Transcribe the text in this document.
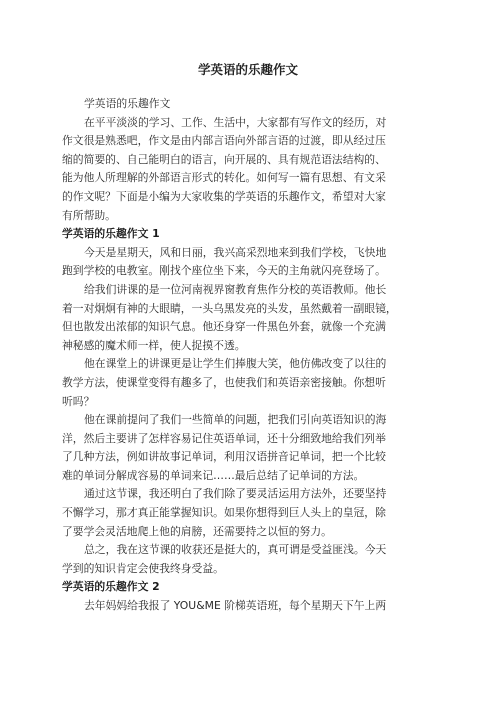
学英语的乐趣作文
学英语的乐趣作文
在平平淡淡的学习、工作、生活中，大家都有写作文的经历，对
作文很是熟悉吧，作文是由内部言语向外部言语的过渡，即从经过压
缩的简要的、自己能明白的语言，向开展的、具有规范语法结构的、
能为他人所理解的外部语言形式的转化。如何写一篇有思想、有文采
的作文呢？下面是小编为大家收集的学英语的乐趣作文，希望对大家
有所帮助。
学英语的乐趣作文 1
今天是星期天，风和日丽，我兴高采烈地来到我们学校，飞快地
跑到学校的电教室。刚找个座位坐下来，今天的主角就闪亮登场了。
给我们讲课的是一位河南视界窗教育焦作分校的英语教师。他长
着一对炯炯有神的大眼睛，一头乌黑发亮的头发，虽然戴着一副眼镜，
但也散发出浓郁的知识气息。他还身穿一件黑色外套，就像一个充满
神秘感的魔术师一样，使人捉摸不透。
他在课堂上的讲课更是让学生们捧腹大笑，他仿佛改变了以往的
教学方法，使课堂变得有趣多了，也使我们和英语亲密接触。你想听
听吗？
他在课前提问了我们一些简单的问题，把我们引向英语知识的海
洋，然后主要讲了怎样容易记住英语单词，还十分细致地给我们列举
了几种方法，例如讲故事记单词，利用汉语拼音记单词，把一个比较
难的单词分解成容易的单词来记……最后总结了记单词的方法。
通过这节课，我还明白了我们除了要灵活运用方法外，还要坚持
不懈学习，那才真正能掌握知识。如果你想得到巨人头上的皇冠，除
了要学会灵活地爬上他的肩膀，还需要持之以恒的努力。
总之，我在这节课的收获还是挺大的，真可谓是受益匪浅。今天
学到的知识肯定会使我终身受益。
学英语的乐趣作文 2
去年妈妈给我报了 YOU&ME 阶梯英语班，每个星期天下午上两
